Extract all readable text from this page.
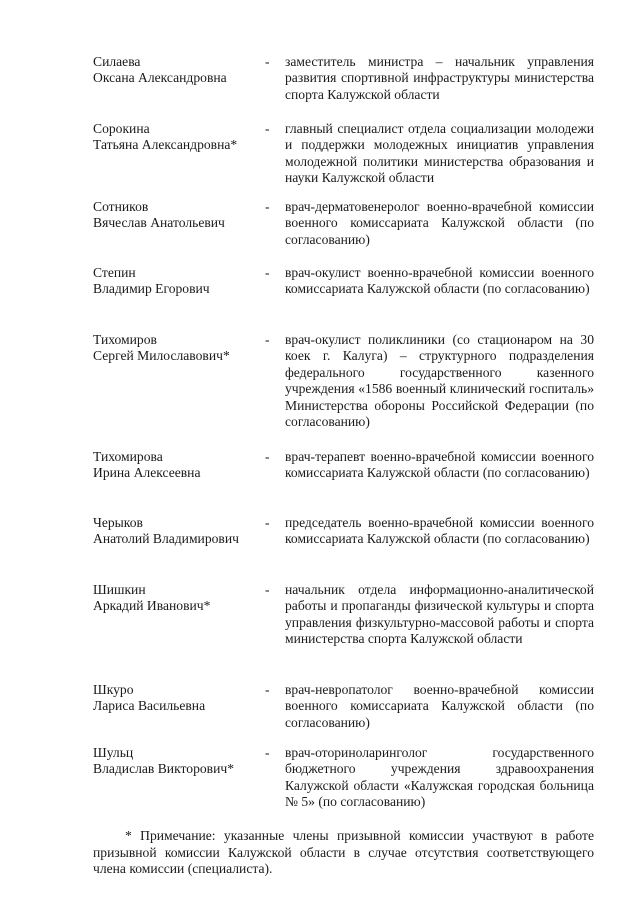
Силаева
Оксана Александровна
- заместитель министра – начальник управления развития спортивной инфраструктуры министерства спорта Калужской области
Сорокина
Татьяна Александровна*
- главный специалист отдела социализации молодежи и поддержки молодежных инициатив управления молодежной политики министерства образования и науки Калужской области
Сотников
Вячеслав Анатольевич
- врач-дерматовенеролог военно-врачебной комиссии военного комиссариата Калужской области (по согласованию)
Степин
Владимир Егорович
- врач-окулист военно-врачебной комиссии военного комиссариата Калужской области (по согласованию)
Тихомиров
Сергей Милославович*
- врач-окулист поликлиники (со стационаром на 30 коек г. Калуга) – структурного подразделения федерального государственного казенного учреждения «1586 военный клинический госпиталь» Министерства обороны Российской Федерации (по согласованию)
Тихомирова
Ирина Алексеевна
- врач-терапевт военно-врачебной комиссии военного комиссариата Калужской области (по согласованию)
Черыков
Анатолий Владимирович
- председатель военно-врачебной комиссии военного комиссариата Калужской области (по согласованию)
Шишкин
Аркадий Иванович*
- начальник отдела информационно-аналитической работы и пропаганды физической культуры и спорта управления физкультурно-массовой работы и спорта министерства спорта Калужской области
Шкуро
Лариса Васильевна
- врач-невропатолог военно-врачебной комиссии военного комиссариата Калужской области (по согласованию)
Шульц
Владислав Викторович*
- врач-оториноларинголог государственного бюджетного учреждения здравоохранения Калужской области «Калужская городская больница № 5» (по согласованию)
* Примечание: указанные члены призывной комиссии участвуют в работе призывной комиссии Калужской области в случае отсутствия соответствующего члена комиссии (специалиста).
